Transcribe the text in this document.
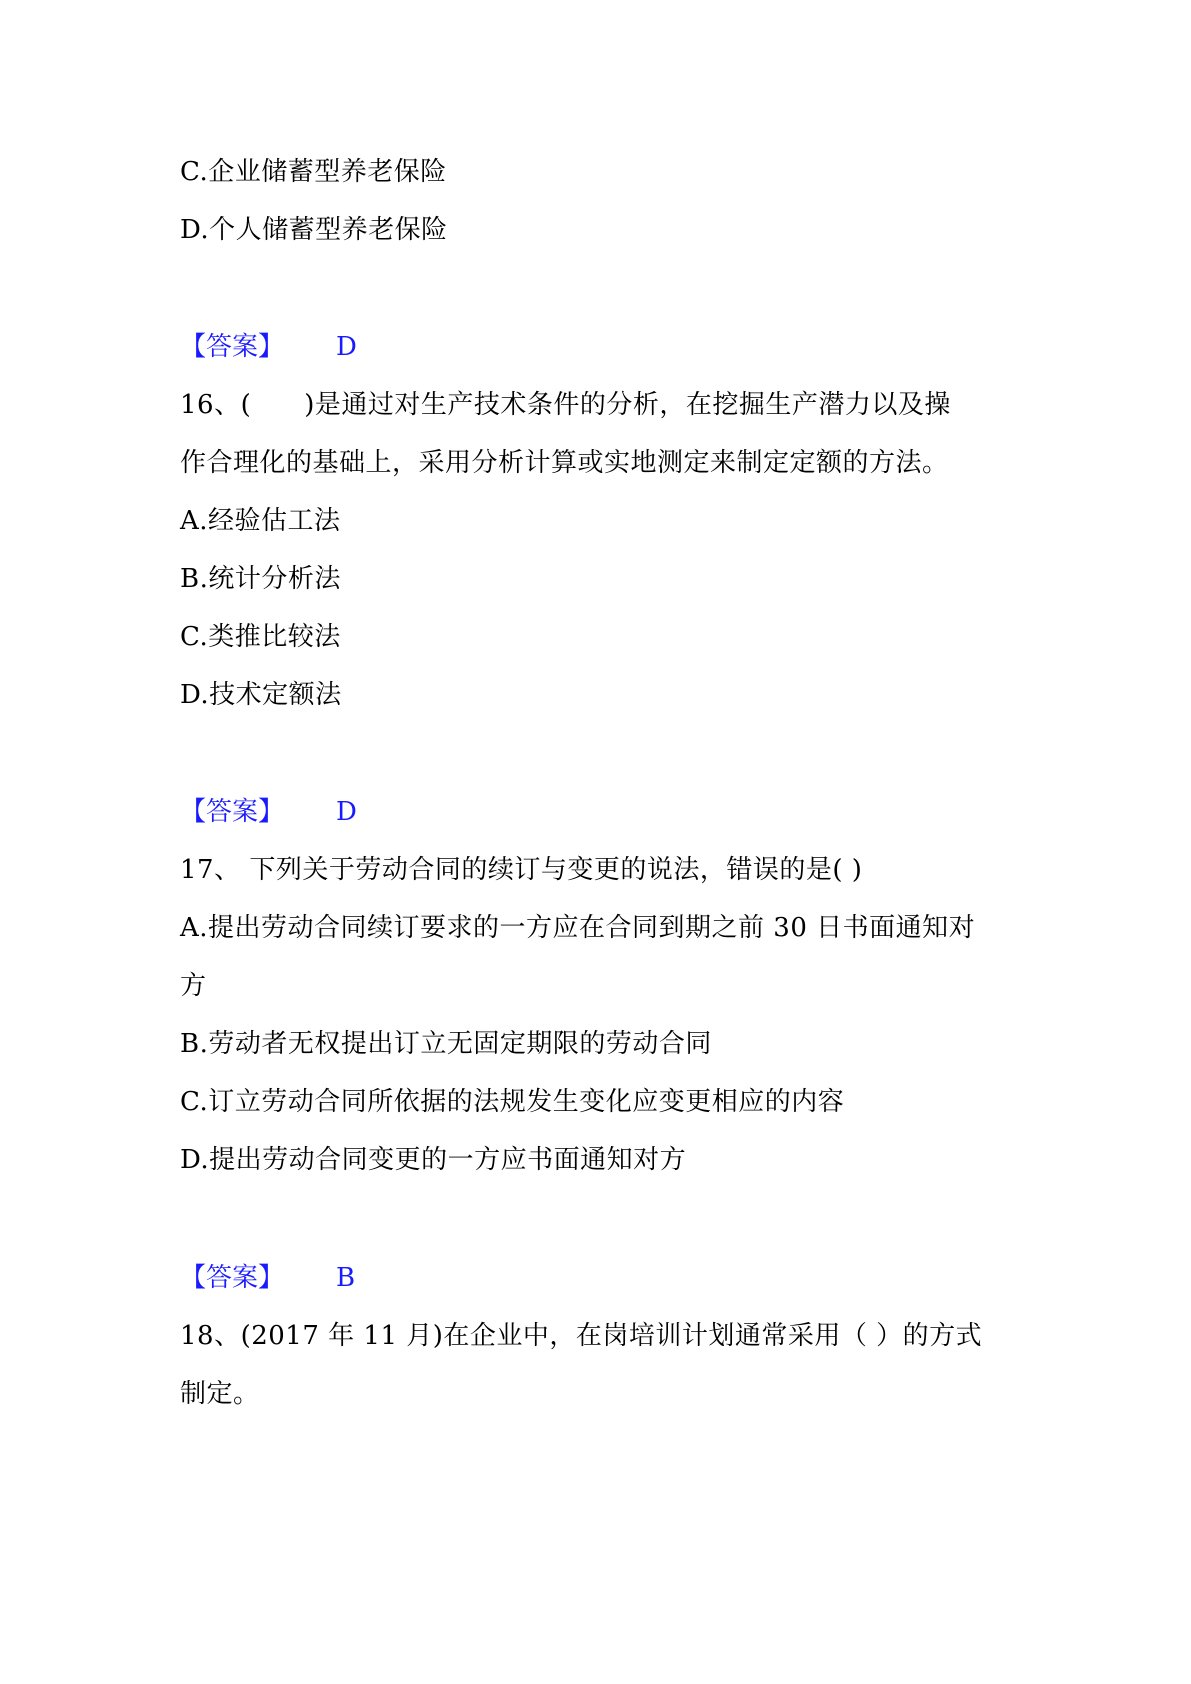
C.企业储蓄型养老保险
D.个人储蓄型养老保险
【答案】 D
16、(　　)是通过对生产技术条件的分析，在挖掘生产潜力以及操
作合理化的基础上，采用分析计算或实地测定来制定定额的方法。
A.经验估工法
B.统计分析法
C.类推比较法
D.技术定额法
【答案】 D
17、 下列关于劳动合同的续订与变更的说法，错误的是( )
A.提出劳动合同续订要求的一方应在合同到期之前 30 日书面通知对
方
B.劳动者无权提出订立无固定期限的劳动合同
C.订立劳动合同所依据的法规发生变化应变更相应的内容
D.提出劳动合同变更的一方应书面通知对方
【答案】 B
18、(2017 年 11 月)在企业中，在岗培训计划通常采用（ ）的方式
制定。
